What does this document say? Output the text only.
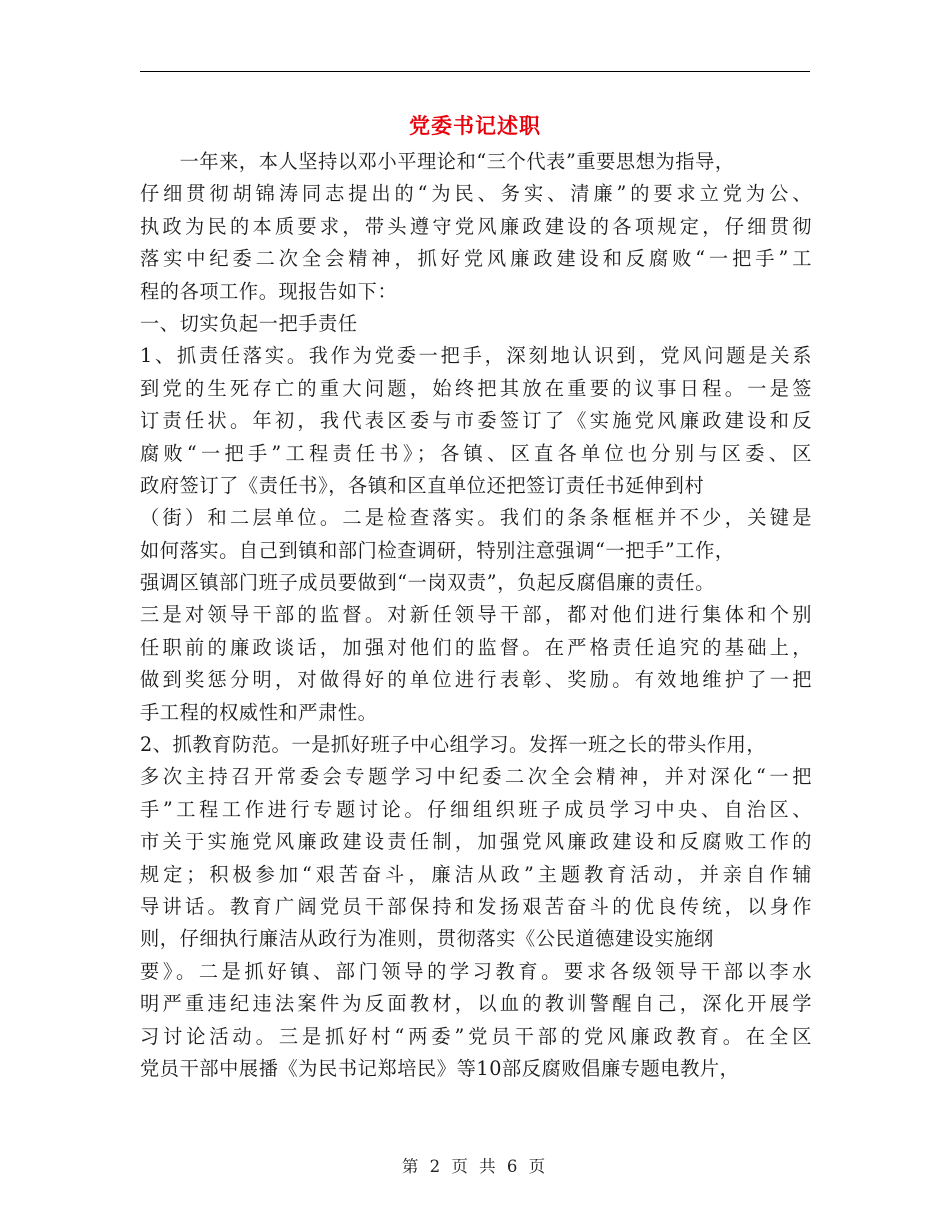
党委书记述职
　　一年来，本人坚持以邓小平理论和“三个代表”重要思想为指导，
仔细贯彻胡锦涛同志提出的“为民、务实、清廉”的要求立党为公、
执政为民的本质要求，带头遵守党风廉政建设的各项规定，仔细贯彻
落实中纪委二次全会精神，抓好党风廉政建设和反腐败“一把手”工
程的各项工作。现报告如下：
一、切实负起一把手责任
1、抓责任落实。我作为党委一把手，深刻地认识到，党风问题是关系
到党的生死存亡的重大问题，始终把其放在重要的议事日程。一是签
订责任状。年初，我代表区委与市委签订了《实施党风廉政建设和反
腐败“一把手”工程责任书》；各镇、区直各单位也分别与区委、区
政府签订了《责任书》，各镇和区直单位还把签订责任书延伸到村
（街）和二层单位。二是检查落实。我们的条条框框并不少，关键是
如何落实。自己到镇和部门检查调研，特别注意强调“一把手”工作，
强调区镇部门班子成员要做到“一岗双责”，负起反腐倡廉的责任。
三是对领导干部的监督。对新任领导干部，都对他们进行集体和个别
任职前的廉政谈话，加强对他们的监督。在严格责任追究的基础上，
做到奖惩分明，对做得好的单位进行表彰、奖励。有效地维护了一把
手工程的权威性和严肃性。
2、抓教育防范。一是抓好班子中心组学习。发挥一班之长的带头作用，
多次主持召开常委会专题学习中纪委二次全会精神，并对深化“一把
手”工程工作进行专题讨论。仔细组织班子成员学习中央、自治区、
市关于实施党风廉政建设责任制，加强党风廉政建设和反腐败工作的
规定；积极参加“艰苦奋斗，廉洁从政”主题教育活动，并亲自作辅
导讲话。教育广阔党员干部保持和发扬艰苦奋斗的优良传统，以身作
则，仔细执行廉洁从政行为准则，贯彻落实《公民道德建设实施纲
要》。二是抓好镇、部门领导的学习教育。要求各级领导干部以李水
明严重违纪违法案件为反面教材，以血的教训警醒自己，深化开展学
习讨论活动。三是抓好村“两委”党员干部的党风廉政教育。在全区
党员干部中展播《为民书记郑培民》等10部反腐败倡廉专题电教片，
第 2 页 共 6 页
